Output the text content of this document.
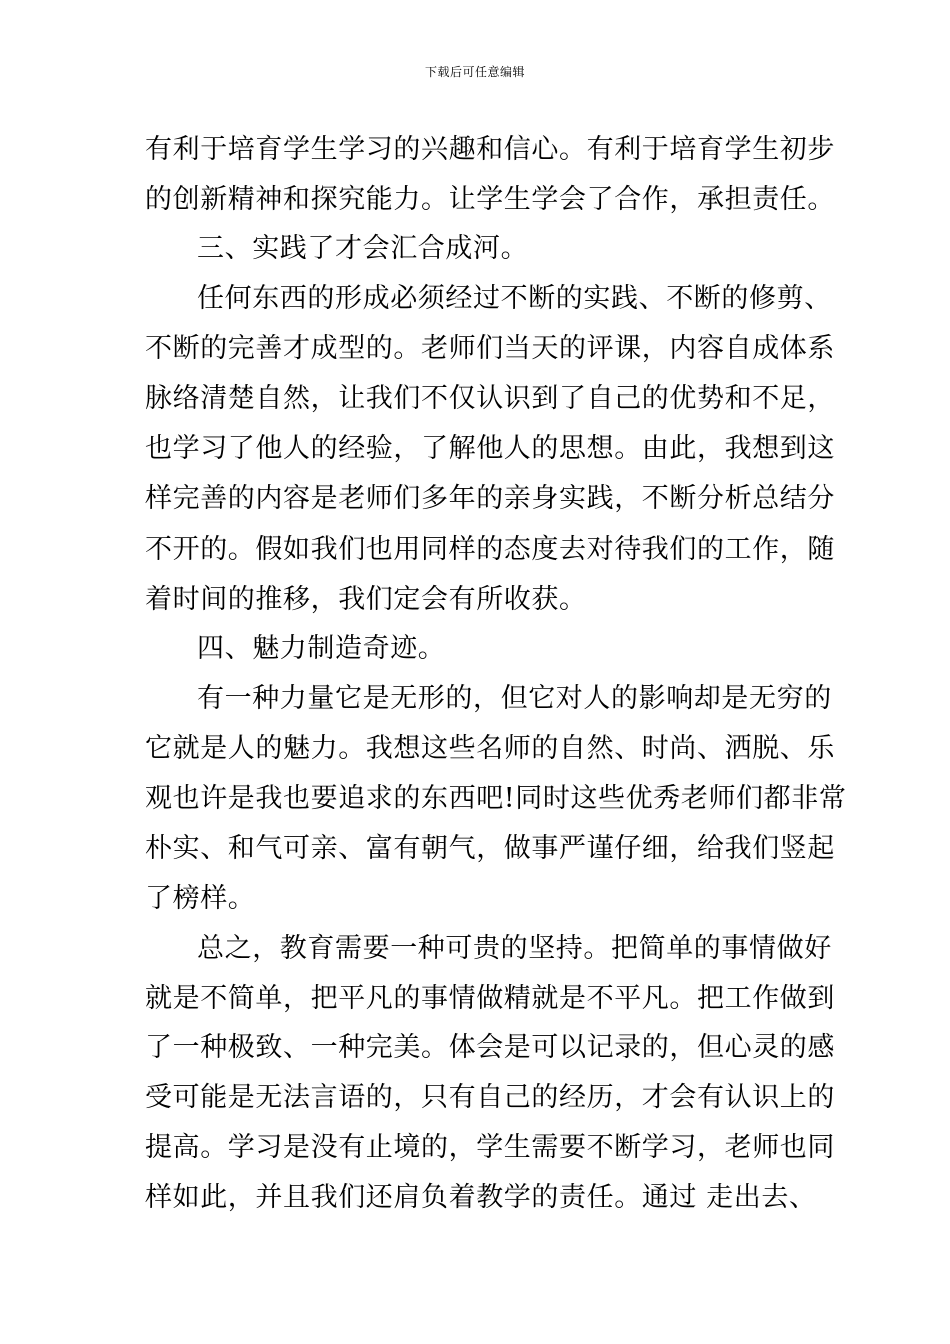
下载后可任意编辑
有利于培育学生学习的兴趣和信心。有利于培育学生初步
的创新精神和探究能力。让学生学会了合作，承担责任。
三、实践了才会汇合成河。
任何东西的形成必须经过不断的实践、不断的修剪、
不断的完善才成型的。老师们当天的评课，内容自成体系
脉络清楚自然，让我们不仅认识到了自己的优势和不足，
也学习了他人的经验，了解他人的思想。由此，我想到这
样完善的内容是老师们多年的亲身实践，不断分析总结分
不开的。假如我们也用同样的态度去对待我们的工作，随
着时间的推移，我们定会有所收获。
四、魅力制造奇迹。
有一种力量它是无形的，但它对人的影响却是无穷的
它就是人的魅力。我想这些名师的自然、时尚、洒脱、乐
观也许是我也要追求的东西吧!同时这些优秀老师们都非常
朴实、和气可亲、富有朝气，做事严谨仔细，给我们竖起
了榜样。
总之，教育需要一种可贵的坚持。把简单的事情做好
就是不简单，把平凡的事情做精就是不平凡。把工作做到
了一种极致、一种完美。体会是可以记录的，但心灵的感
受可能是无法言语的，只有自己的经历，才会有认识上的
提高。学习是没有止境的，学生需要不断学习，老师也同
样如此，并且我们还肩负着教学的责任。通过 走出去、
